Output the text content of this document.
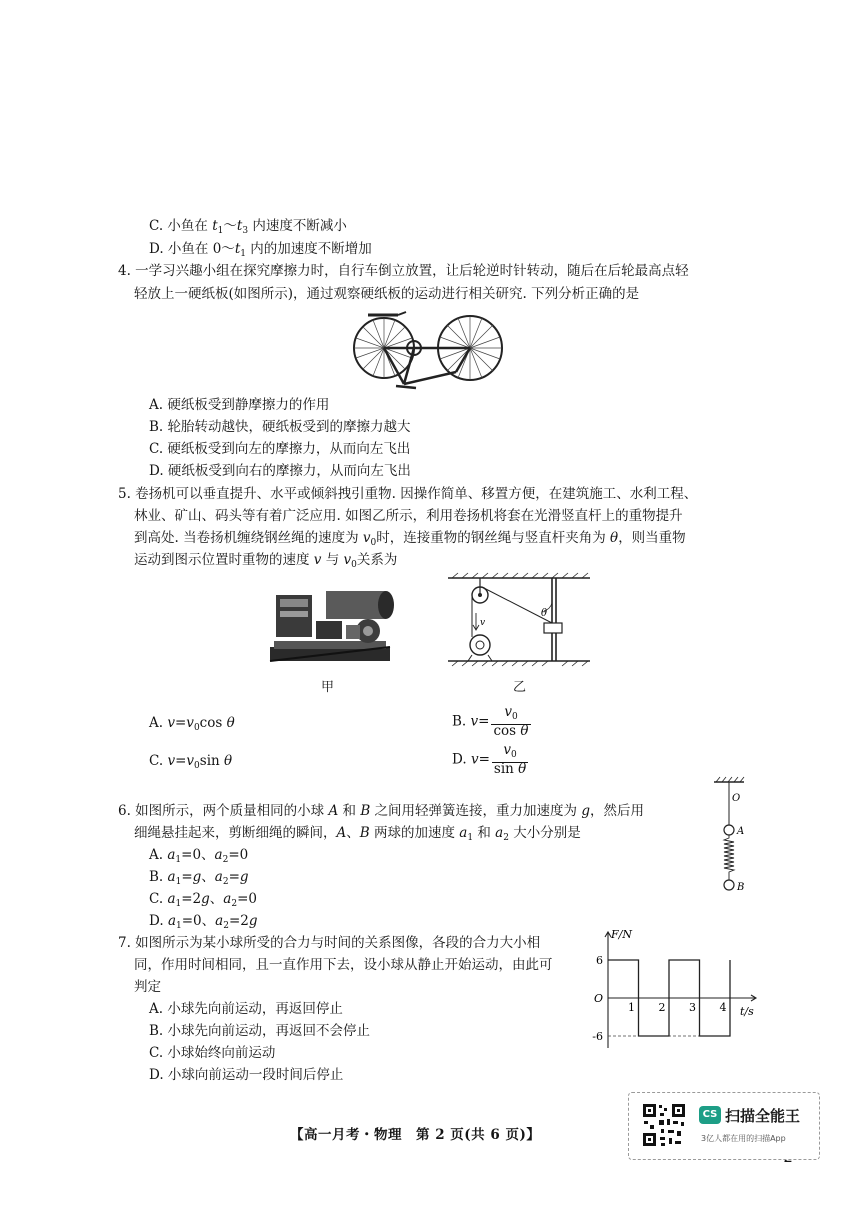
C. 小鱼在 $t_1\sim t_3$ 内速度不断减小
D. 小鱼在 $0\sim t_1$ 内的加速度不断增加
4. 一学习兴趣小组在探究摩擦力时，自行车倒立放置，让后轮逆时针转动，随后在后轮最高点轻
轻放上一硬纸板(如图所示)，通过观察硬纸板的运动进行相关研究. 下列分析正确的是
A. 硬纸板受到静摩擦力的作用
B. 轮胎转动越快，硬纸板受到的摩擦力越大
C. 硬纸板受到向左的摩擦力，从而向左飞出
D. 硬纸板受到向右的摩擦力，从而向左飞出
5. 卷扬机可以垂直提升、水平或倾斜拽引重物. 因操作简单、移置方便，在建筑施工、水利工程、
林业、矿山、码头等有着广泛应用. 如图乙所示，利用卷扬机将套在光滑竖直杆上的重物提升
到高处. 当卷扬机缠绕钢丝绳的速度为 $v_0$时，连接重物的钢丝绳与竖直杆夹角为 θ，则当重物
运动到图示位置时重物的速度 v 与 $v_0$关系为
甲
v
θ
乙
A. $v=v_0\cos$ θ	B. $v= \frac{v_0}{\text{cos θ}}$
C. $v=v_0\sin$ θ	D. $v= \frac{v_0}{\text{sin θ}}$
6. 如图所示，两个质量相同的小球 A 和 B 之间用轻弹簧连接，重力加速度为 g，然后用
细绳悬挂起来，剪断细绳的瞬间，A、B 两球的加速度 $a_1$ 和 $a_2$ 大小分别是
A. $a_1=0$、$a_2=0$
B. $a_1=g$、$a_2=g$
C. $a_1=2g$、$a_2=0$
D. $a_1=0$、$a_2=2g$
O
A
B
7. 如图所示为某小球所受的合力与时间的关系图像，各段的合力大小相
同，作用时间相同，且一直作用下去，设小球从静止开始运动，由此可
判定
A. 小球先向前运动，再返回停止
B. 小球先向前运动，再返回不会停止
C. 小球始终向前运动
D. 小球向前运动一段时间后停止
1 2 3 4
6
-6
O
F/N
t/s
【高一月考・物理　第 2 页(共 6 页)】
CS 扫描全能王
3亿人都在用的扫描App
